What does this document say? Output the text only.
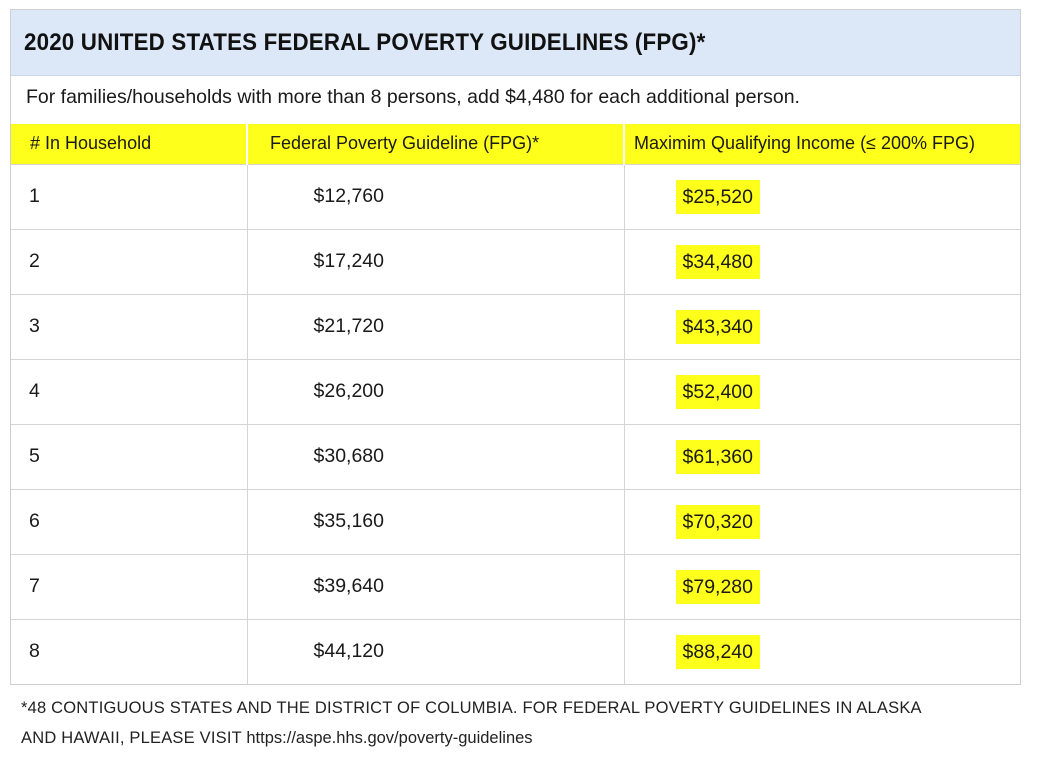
2020 UNITED STATES FEDERAL POVERTY GUIDELINES (FPG)*
For families/households with more than 8 persons, add $4,480 for each additional person.
# In Household	Federal Poverty Guideline (FPG)*	Maximim Qualifying Income (≤ 200% FPG)
1	$12,760	$25,520
2	$17,240	$34,480
3	$21,720	$43,340
4	$26,200	$52,400
5	$30,680	$61,360
6	$35,160	$70,320
7	$39,640	$79,280
8	$44,120	$88,240
*48 CONTIGUOUS STATES AND THE DISTRICT OF COLUMBIA. FOR FEDERAL POVERTY GUIDELINES IN ALASKA
AND HAWAII, PLEASE VISIT https://aspe.hhs.gov/poverty-guidelines
